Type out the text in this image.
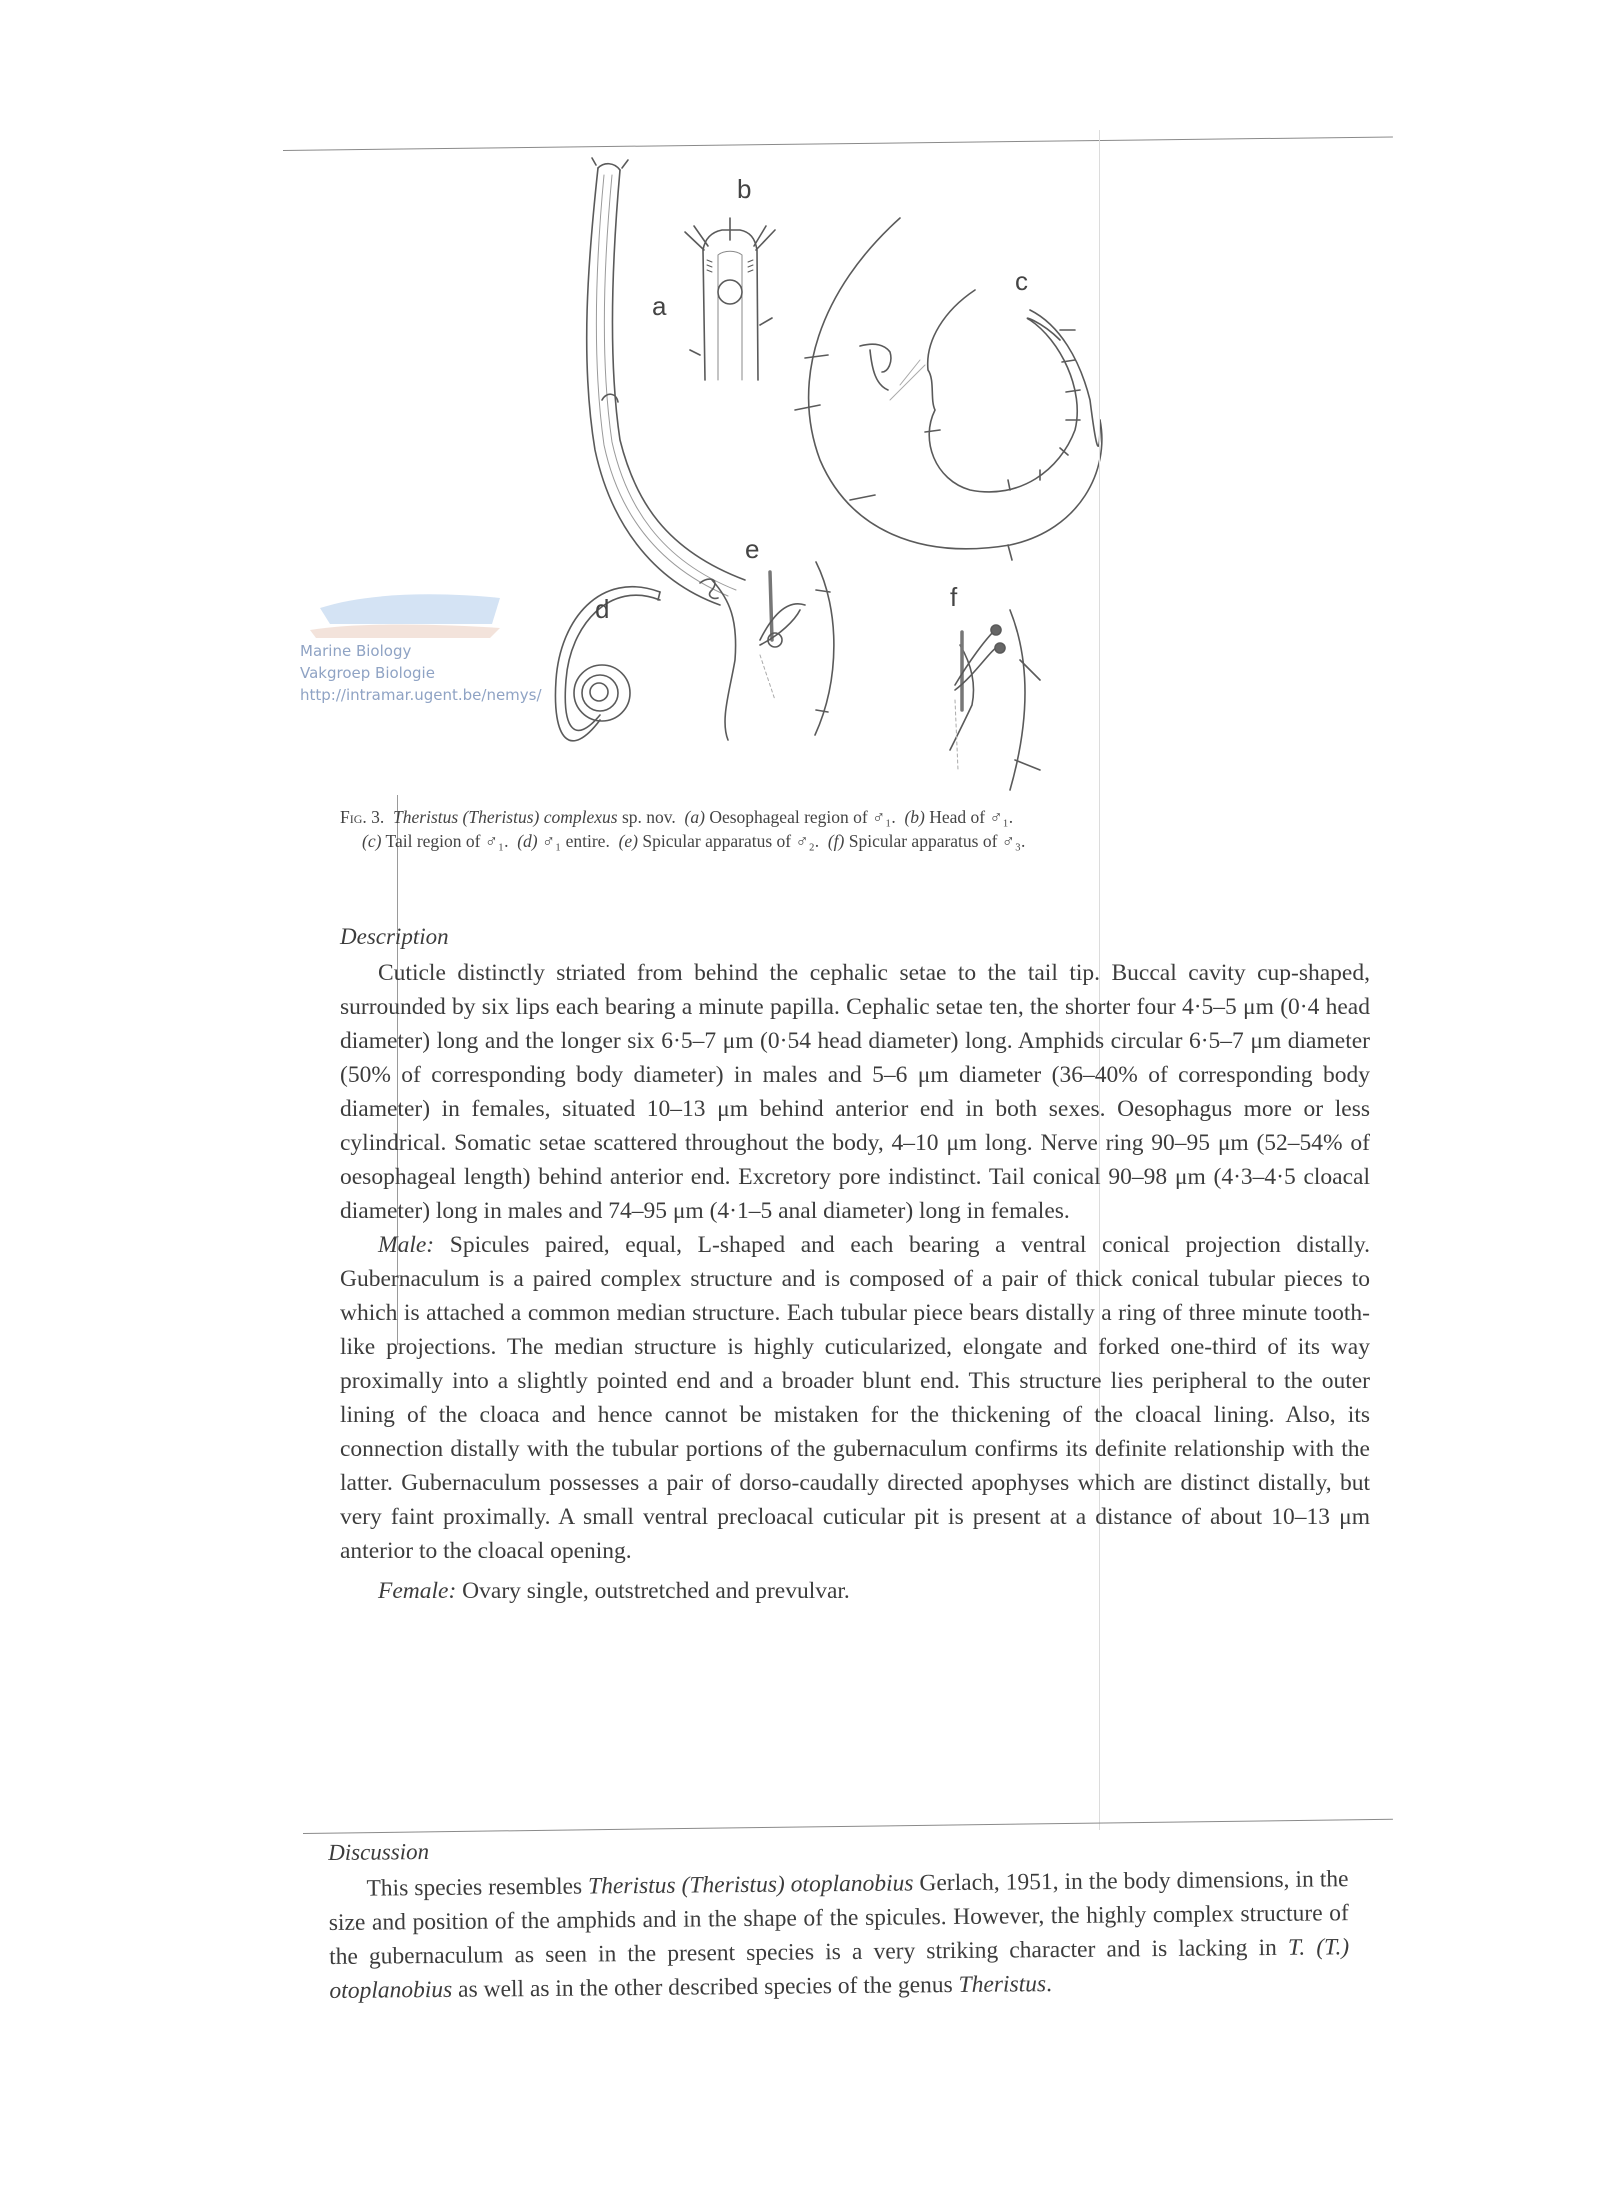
a
b
c
d
e
f
Fig. 3. Theristus (Theristus) complexus sp. nov. (a) Oesophageal region of ♂₁. (b) Head of ♂₁.
(c) Tail region of ♂₁. (d) ♂₁ entire. (e) Spicular apparatus of ♂₂. (f) Spicular apparatus of ♂₃.
Marine Biology
Vakgroep Biologie
http://intramar.ugent.be/nemys/
Description

Cuticle distinctly striated from behind the cephalic setae to the tail tip. Buccal cavity cup-shaped, surrounded by six lips each bearing a minute papilla. Cephalic setae ten, the shorter four 4·5–5 μm (0·4 head diameter) long and the longer six 6·5–7 μm (0·54 head diameter) long. Amphids circular 6·5–7 μm diameter (50% of corresponding body diameter) in males and 5–6 μm diameter (36–40% of corresponding body diameter) in females, situated 10–13 μm behind anterior end in both sexes. Oesophagus more or less cylindrical. Somatic setae scattered throughout the body, 4–10 μm long. Nerve ring 90–95 μm (52–54% of oesophageal length) behind anterior end. Excretory pore indistinct. Tail conical 90–98 μm (4·3–4·5 cloacal diameter) long in males and 74–95 μm (4·1–5 anal diameter) long in females.

Male: Spicules paired, equal, L-shaped and each bearing a ventral conical projection distally. Gubernaculum is a paired complex structure and is composed of a pair of thick conical tubular pieces to which is attached a common median structure. Each tubular piece bears distally a ring of three minute tooth-like projections. The median structure is highly cuticularized, elongate and forked one-third of its way proximally into a slightly pointed end and a broader blunt end. This structure lies peripheral to the outer lining of the cloaca and hence cannot be mistaken for the thickening of the cloacal lining. Also, its connection distally with the tubular portions of the gubernaculum confirms its definite relationship with the latter. Gubernaculum possesses a pair of dorso-caudally directed apophyses which are distinct distally, but very faint proximally. A small ventral precloacal cuticular pit is present at a distance of about 10–13 μm anterior to the cloacal opening.

Female: Ovary single, outstretched and prevulvar.

Discussion

This species resembles Theristus (Theristus) otoplanobius Gerlach, 1951, in the body dimensions, in the size and position of the amphids and in the shape of the spicules. However, the highly complex structure of the gubernaculum as seen in the present species is a very striking character and is lacking in T. (T.) otoplanobius as well as in the other described species of the genus Theristus.
